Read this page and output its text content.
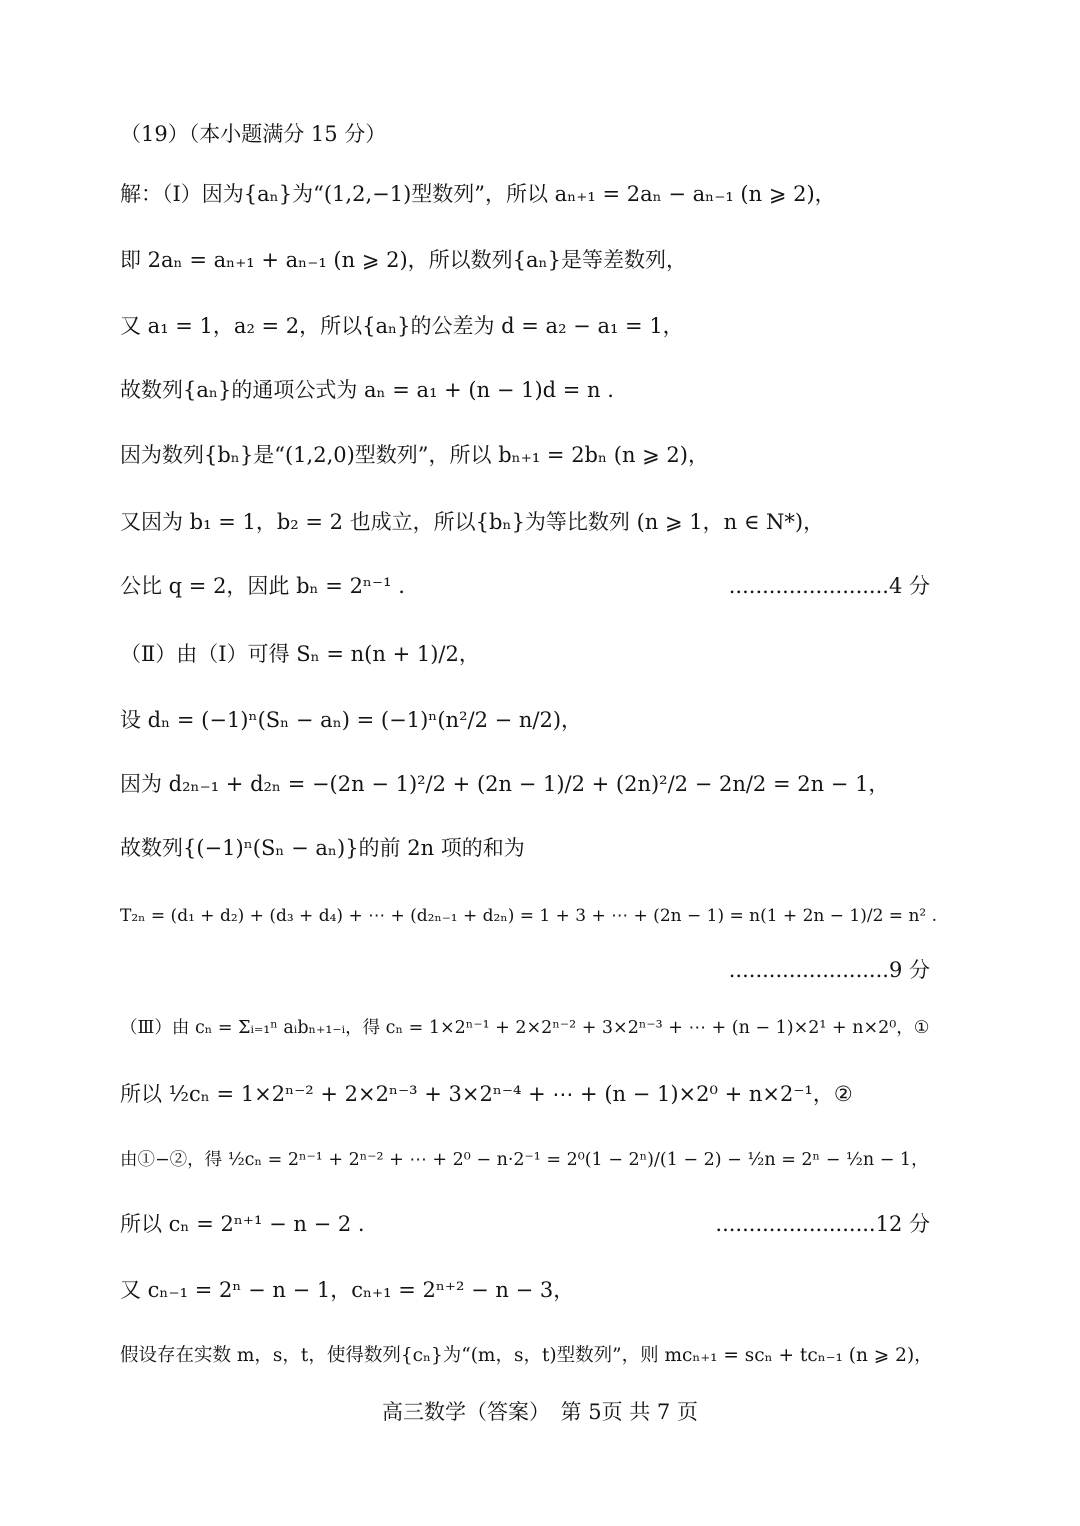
（19）（本小题满分 15 分）
解：（Ⅰ）因为{aₙ}为“(1,2,−1)型数列”，所以 aₙ₊₁ = 2aₙ − aₙ₋₁ (n ⩾ 2)，
即 2aₙ = aₙ₊₁ + aₙ₋₁ (n ⩾ 2)，所以数列{aₙ}是等差数列，
又 a₁ = 1，a₂ = 2，所以{aₙ}的公差为 d = a₂ − a₁ = 1，
故数列{aₙ}的通项公式为 aₙ = a₁ + (n − 1)d = n .
因为数列{bₙ}是“(1,2,0)型数列”，所以 bₙ₊₁ = 2bₙ (n ⩾ 2)，
又因为 b₁ = 1，b₂ = 2 也成立，所以{bₙ}为等比数列 (n ⩾ 1，n ∈ N*)，
公比 q = 2，因此 bₙ = 2ⁿ⁻¹ .	........................4 分
（Ⅱ）由（Ⅰ）可得 Sₙ = n(n + 1)/2，
设 dₙ = (−1)ⁿ(Sₙ − aₙ) = (−1)ⁿ(n²/2 − n/2)，
因为 d₂ₙ₋₁ + d₂ₙ = −(2n − 1)²/2 + (2n − 1)/2 + (2n)²/2 − 2n/2 = 2n − 1，
故数列{(−1)ⁿ(Sₙ − aₙ)}的前 2n 项的和为
T₂ₙ = (d₁ + d₂) + (d₃ + d₄) + ⋯ + (d₂ₙ₋₁ + d₂ₙ) = 1 + 3 + ⋯ + (2n − 1) = n(1 + 2n − 1)/2 = n² .
........................9 分
（Ⅲ）由 cₙ = Σᵢ₌₁ⁿ aᵢbₙ₊₁₋ᵢ，得 cₙ = 1×2ⁿ⁻¹ + 2×2ⁿ⁻² + 3×2ⁿ⁻³ + ⋯ + (n − 1)×2¹ + n×2⁰，①
所以 ½cₙ = 1×2ⁿ⁻² + 2×2ⁿ⁻³ + 3×2ⁿ⁻⁴ + ⋯ + (n − 1)×2⁰ + n×2⁻¹，②
由①−②，得 ½cₙ = 2ⁿ⁻¹ + 2ⁿ⁻² + ⋯ + 2⁰ − n·2⁻¹ = 2⁰(1 − 2ⁿ)/(1 − 2) − ½n = 2ⁿ − ½n − 1，
所以 cₙ = 2ⁿ⁺¹ − n − 2 .	........................12 分
又 cₙ₋₁ = 2ⁿ − n − 1，cₙ₊₁ = 2ⁿ⁺² − n − 3，
假设存在实数 m，s，t，使得数列{cₙ}为“(m，s，t)型数列”，则 mcₙ₊₁ = scₙ + tcₙ₋₁ (n ⩾ 2)，
高三数学（答案）　第 5页 共 7 页
